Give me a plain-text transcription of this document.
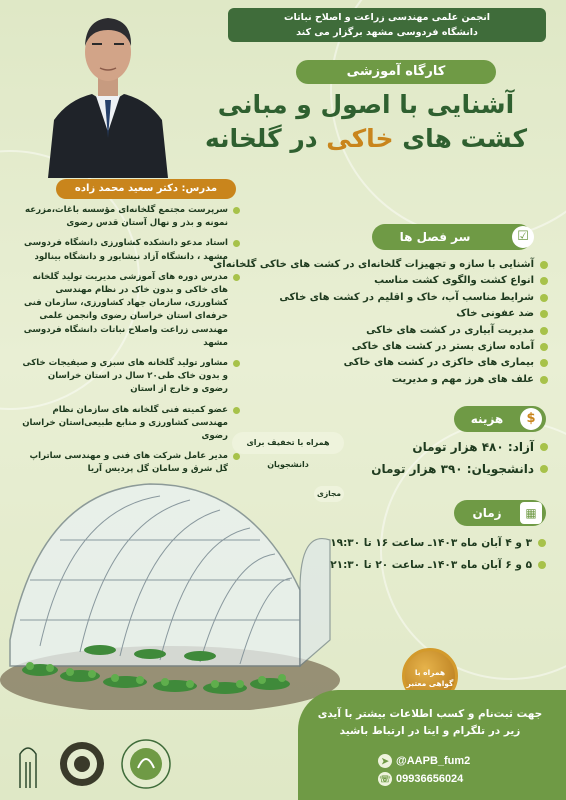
انجمن علمی مهندسی زراعت و اصلاح نباتات
دانشگاه فردوسی مشهد برگزار می کند
کارگاه آموزشی
آشنایی با اصول و مبانی
کشت های خاکی در گلخانه
مدرس: دکتر سعید محمد زاده
سرپرست مجتمع گلخانه‌ای مؤسسه باغات،مزرعه نمونه و بذر و نهال آستان قدس رضوی
استاد مدعو دانشکده کشاورزی دانشگاه فردوسی مشهد ، دانشگاه آزاد نیشابور و دانشگاه بینالود
مدرس دوره های آموزشی مدیریت تولید گلخانه های خاکی و بدون خاک در نظام مهندسی کشاورزی، سازمان جهاد کشاورزی، سازمان فنی حرفه‌ای استان خراسان رضوی وانجمن علمی مهندسی زراعت واصلاح نباتات دانشگاه فردوسی مشهد
مشاور تولید گلخانه های سبزی و صیفیجات خاکی و بدون خاک طی۲۰ سال در استان خراسان رضوی و خارج از استان
عضو کمیته فنی گلخانه های سازمان نظام مهندسی کشاورزی و منابع طبیعی‌استان خراسان رضوی
مدیر عامل شرکت های فنی و مهندسی ساتراپ گل شرق و سامان گل پردیس آریا
سر فصل ها	☑
آشنایی با سازه و تجهیزات گلخانه‌ای در کشت های خاکی گلخانه‌ای
انواع کشت والگوی کشت مناسب
شرایط مناسب آب، خاک و اقلیم در کشت های خاکی
ضد عفونی خاک
مدیریت آبیاری در کشت های خاکی
آماده سازی بستر در کشت های خاکی
بیماری های خاکزی در کشت های خاکی
علف های هرز مهم و مدیریت
هزینه	$
همراه با تخفیف برای دانشجویان
آزاد: ۴۸۰ هزار تومان
دانشجویان: ۳۹۰ هزار تومان
زمان	▦
مجازی
۳ و ۴ آبان ماه ۱۴۰۳ـ ساعت ۱۶ تا ۱۹:۳۰
۵ و ۶ آبان ماه ۱۴۰۳ـ ساعت ۲۰ تا ۲۱:۳۰
همراه با
گواهی معتبر
جهت ثبت‌نام و کسب اطلاعات بیشتر با آیدی
زیر در تلگرام و ایتا در ارتباط باشید
➤ @AAPB_fum2
☏ 09936656024
